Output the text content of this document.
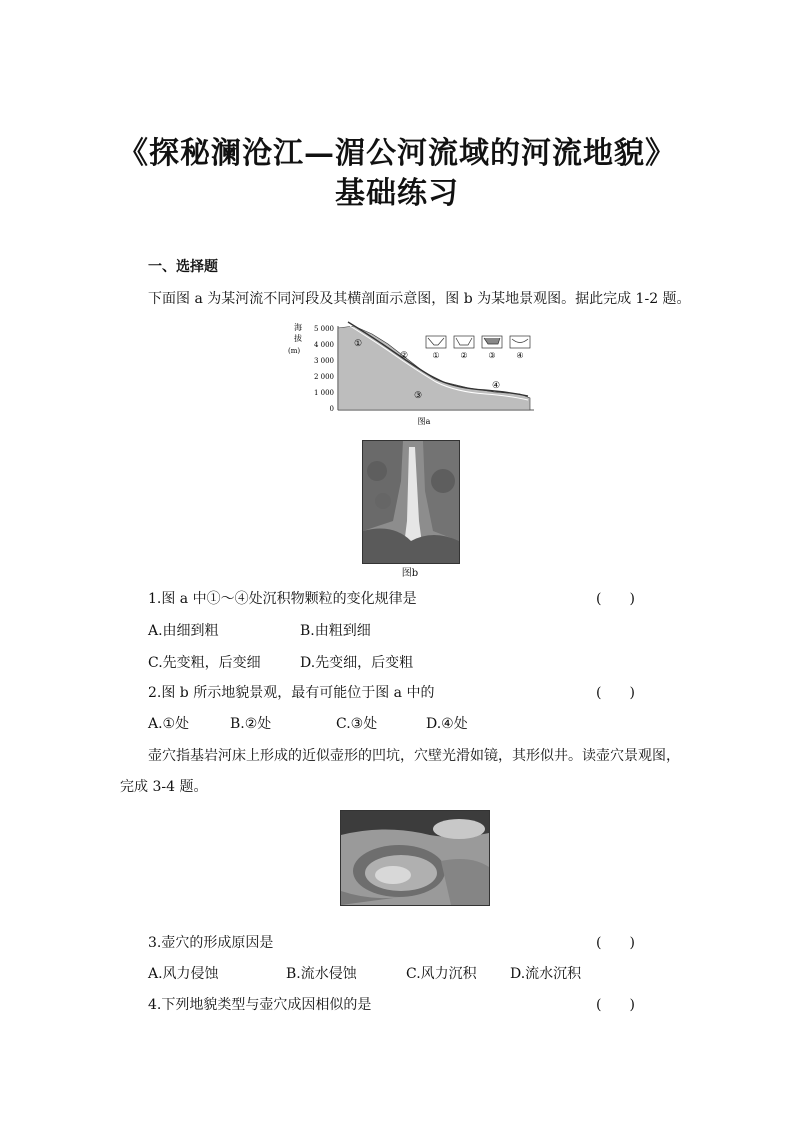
《探秘澜沧江—湄公河流域的河流地貌》
基础练习
一、选择题
下面图 a 为某河流不同河段及其横剖面示意图，图 b 为某地景观图。据此完成 1-2 题。
海
拔
(m)
5 000
4 000
3 000
2 000
1 000
0
①
②
③
④
①	②	③	④
图a
图b
1.图 a 中①～④处沉积物颗粒的变化规律是	(　　)
A.由细到粗	B.由粗到细
C.先变粗，后变细	D.先变细，后变粗
2.图 b 所示地貌景观，最有可能位于图 a 中的	(　　)
A.①处	B.②处	C.③处	D.④处
壶穴指基岩河床上形成的近似壶形的凹坑，穴壁光滑如镜，其形似井。读壶穴景观图，
完成 3-4 题。
3.壶穴的形成原因是	(　　)
A.风力侵蚀	B.流水侵蚀	C.风力沉积 D.流水沉积
4.下列地貌类型与壶穴成因相似的是	(　　)
